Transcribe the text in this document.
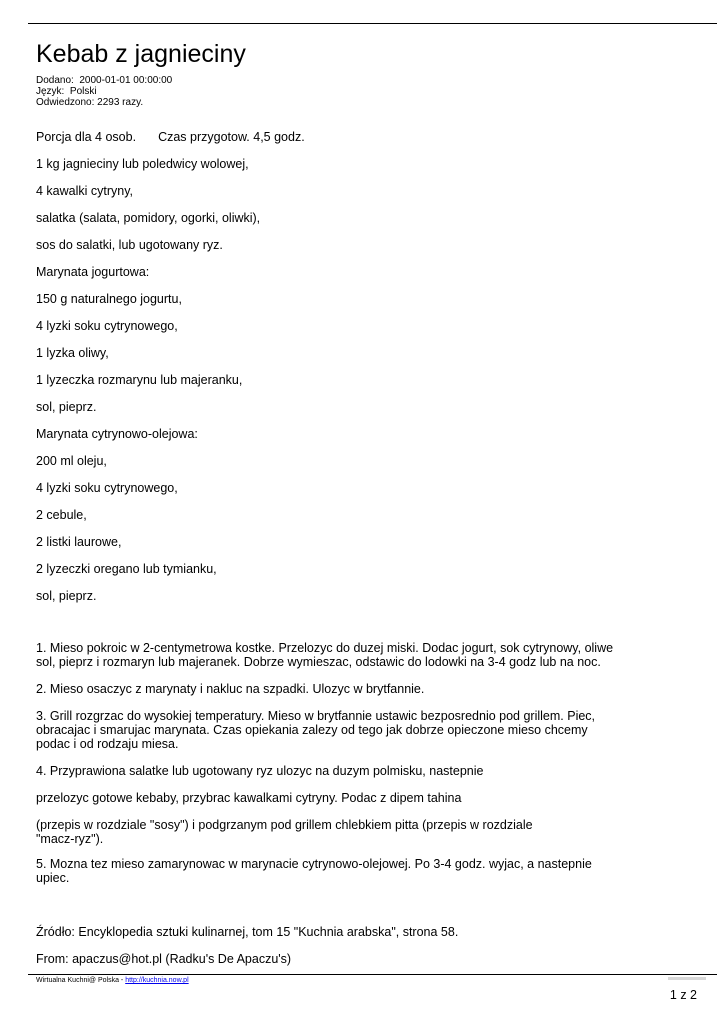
Kebab z jagnieciny
Dodano: 2000-01-01 00:00:00
Język: Polski
Odwiedzono: 2293 razy.
Porcja dla 4 osob. Czas przygotow. 4,5 godz.
1 kg jagnieciny lub poledwicy wolowej,
4 kawalki cytryny,
salatka (salata, pomidory, ogorki, oliwki),
sos do salatki, lub ugotowany ryz.
Marynata jogurtowa:
150 g naturalnego jogurtu,
4 lyzki soku cytrynowego,
1 lyzka oliwy,
1 lyzeczka rozmarynu lub majeranku,
sol, pieprz.
Marynata cytrynowo-olejowa:
200 ml oleju,
4 lyzki soku cytrynowego,
2 cebule,
2 listki laurowe,
2 lyzeczki oregano lub tymianku,
sol, pieprz.
1. Mieso pokroic w 2-centymetrowa kostke. Przelozyc do duzej miski. Dodac jogurt, sok cytrynowy, oliwe
sol, pieprz i rozmaryn lub majeranek. Dobrze wymieszac, odstawic do lodowki na 3-4 godz lub na noc.
2. Mieso osaczyc z marynaty i nakluc na szpadki. Ulozyc w brytfannie.
3. Grill rozgrzac do wysokiej temperatury. Mieso w brytfannie ustawic bezposrednio pod grillem. Piec,
obracajac i smarujac marynata. Czas opiekania zalezy od tego jak dobrze opieczone mieso chcemy
podac i od rodzaju miesa.
4. Przyprawiona salatke lub ugotowany ryz ulozyc na duzym polmisku, nastepnie
przelozyc gotowe kebaby, przybrac kawalkami cytryny. Podac z dipem tahina
(przepis w rozdziale "sosy") i podgrzanym pod grillem chlebkiem pitta (przepis w rozdziale
"macz-ryz").
5. Mozna tez mieso zamarynowac w marynacie cytrynowo-olejowej. Po 3-4 godz. wyjac, a nastepnie
upiec.
Źródło: Encyklopedia sztuki kulinarnej, tom 15 "Kuchnia arabska", strona 58.
From: apaczus@hot.pl (Radku's De Apaczu's)
Wirtualna Kuchni@ Polska - http://kuchnia.now.pl
1 z 2
